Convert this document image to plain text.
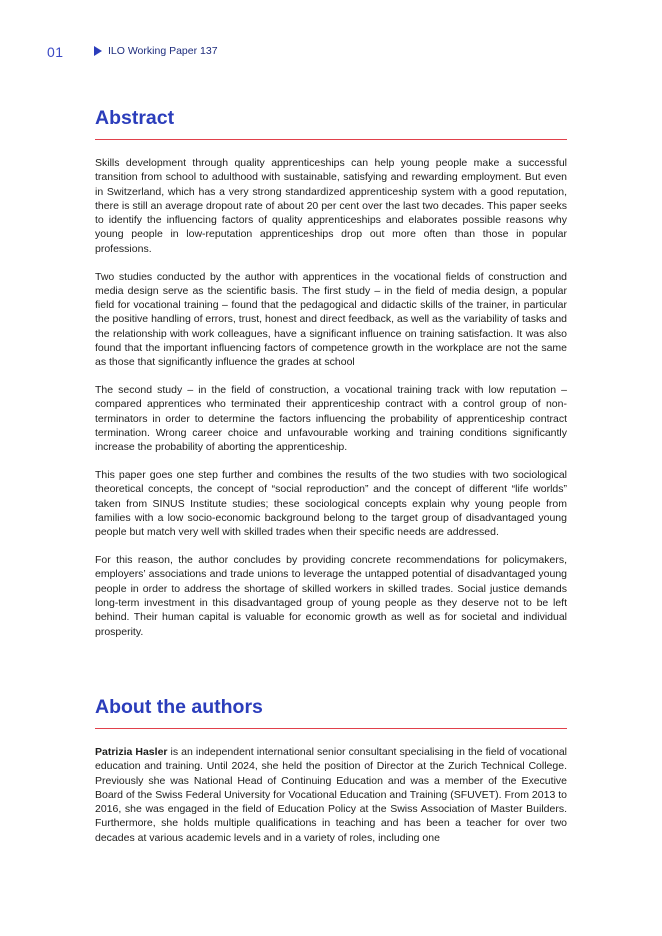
01	ILO Working Paper 137
Abstract

Skills development through quality apprenticeships can help young people make a successful transition from school to adulthood with sustainable, satisfying and rewarding employment. But even in Switzerland, which has a very strong standardized apprenticeship system with a good reputation, there is still an average dropout rate of about 20 per cent over the last two decades. This paper seeks to identify the influencing factors of quality apprenticeships and elaborates possible reasons why young people in low-reputation apprenticeships drop out more often than those in popular professions.

Two studies conducted by the author with apprentices in the vocational fields of construction and media design serve as the scientific basis. The first study – in the field of media design, a popular field for vocational training – found that the pedagogical and didactic skills of the trainer, in particular the positive handling of errors, trust, honest and direct feedback, as well as the variability of tasks and the relationship with work colleagues, have a significant influence on training satisfaction. It was also found that the important influencing factors of competence growth in the workplace are not the same as those that significantly influence the grades at school

The second study – in the field of construction, a vocational training track with low reputation – compared apprentices who terminated their apprenticeship contract with a control group of non-terminators in order to determine the factors influencing the probability of apprenticeship contract termination. Wrong career choice and unfavourable working and training conditions significantly increase the probability of aborting the apprenticeship.

This paper goes one step further and combines the results of the two studies with two sociological theoretical concepts, the concept of “social reproduction” and the concept of different “life worlds” taken from SINUS Institute studies; these sociological concepts explain why young people from families with a low socio-economic background belong to the target group of disadvantaged young people but match very well with skilled trades when their specific needs are addressed.

For this reason, the author concludes by providing concrete recommendations for policymakers, employers’ associations and trade unions to leverage the untapped potential of disadvantaged young people in order to address the shortage of skilled workers in skilled trades. Social justice demands long-term investment in this disadvantaged group of young people as they deserve not to be left behind. Their human capital is valuable for economic growth as well as for societal and individual prosperity.

About the authors

Patrizia Hasler is an independent international senior consultant specialising in the field of vocational education and training. Until 2024, she held the position of Director at the Zurich Technical College. Previously she was National Head of Continuing Education and was a member of the Executive Board of the Swiss Federal University for Vocational Education and Training (SFUVET). From 2013 to 2016, she was engaged in the field of Education Policy at the Swiss Association of Master Builders. Furthermore, she holds multiple qualifications in teaching and has been a teacher for over two decades at various academic levels and in a variety of roles, including one
